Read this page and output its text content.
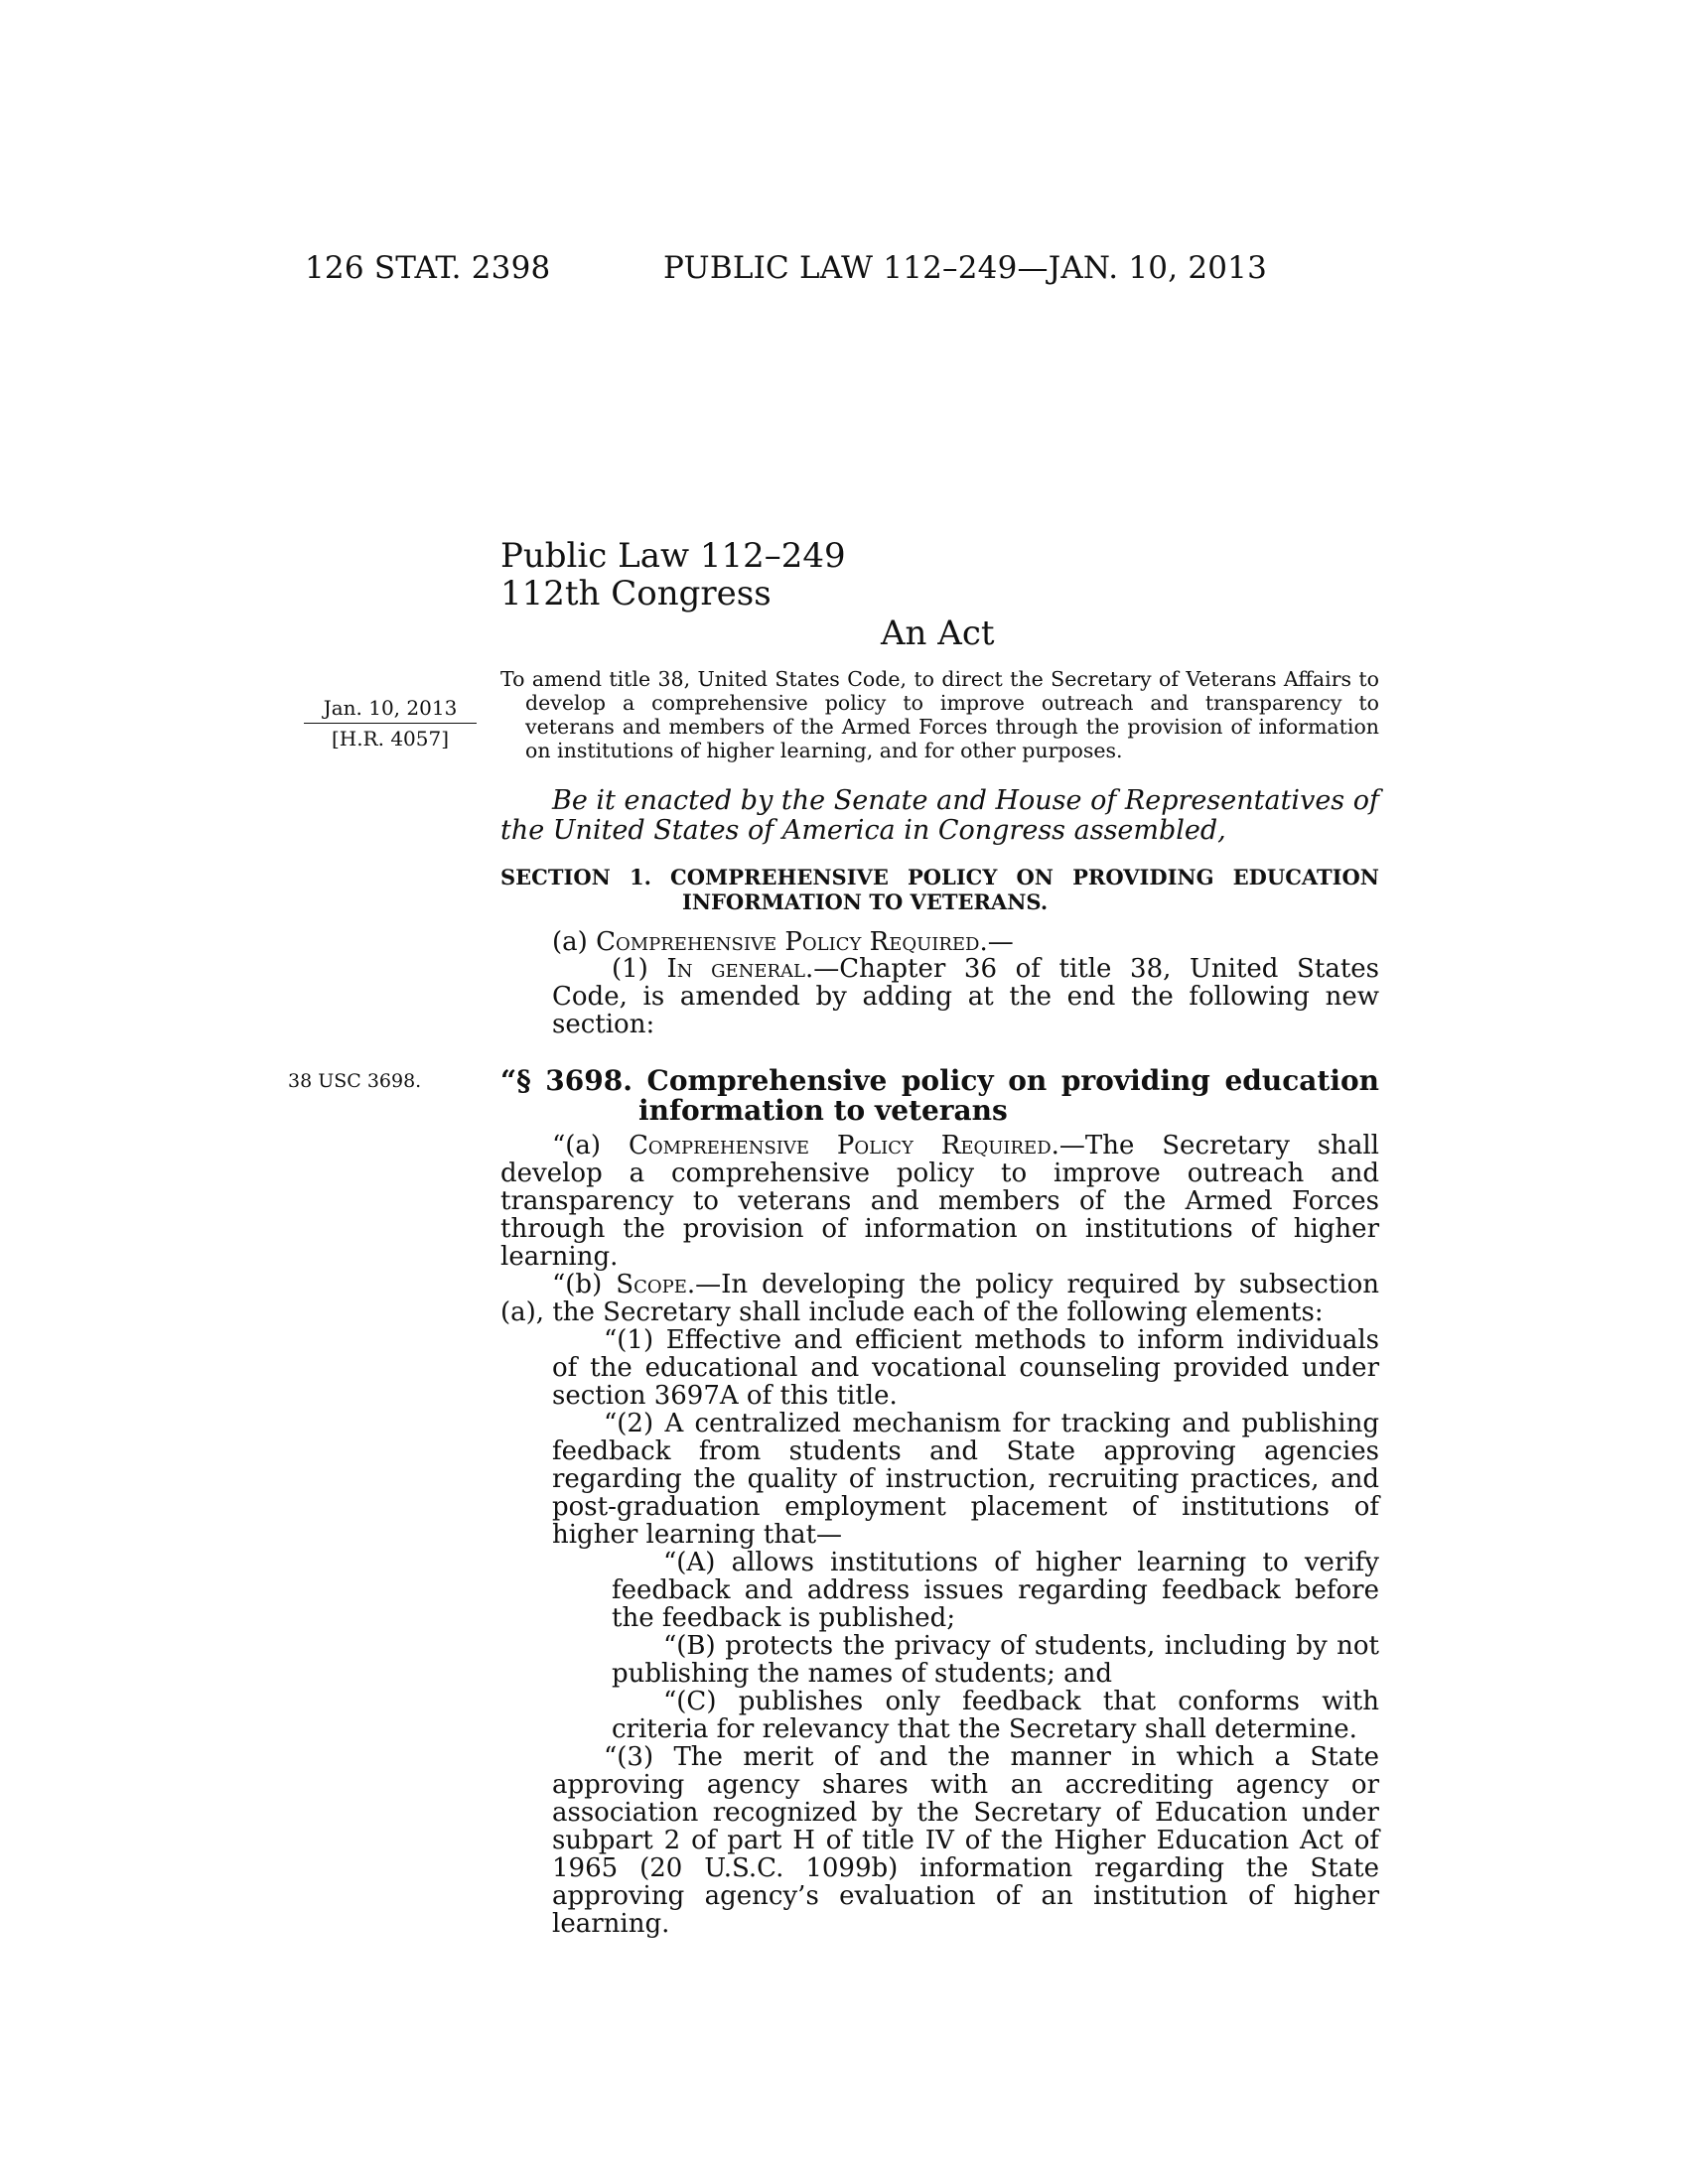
126 STAT. 2398	PUBLIC LAW 112–249—JAN. 10, 2013
Public Law 112–249
112th Congress
An Act
Jan. 10, 2013
[H.R. 4057]

To amend title 38, United States Code, to direct the Secretary of Veterans Affairs to develop a comprehensive policy to improve outreach and transparency to veterans and members of the Armed Forces through the provision of information on institutions of higher learning, and for other purposes.

Be it enacted by the Senate and House of Representatives of the United States of America in Congress assembled,

SECTION 1. COMPREHENSIVE POLICY ON PROVIDING EDUCATION INFORMATION TO VETERANS.

(a) Comprehensive Policy Required.—

(1) In general.—Chapter 36 of title 38, United States Code, is amended by adding at the end the following new section:

38 USC 3698.	“§ 3698. Comprehensive policy on providing education information to veterans

“(a) Comprehensive Policy Required.—The Secretary shall develop a comprehensive policy to improve outreach and transparency to veterans and members of the Armed Forces through the provision of information on institutions of higher learning.

“(b) Scope.—In developing the policy required by subsection (a), the Secretary shall include each of the following elements:

“(1) Effective and efficient methods to inform individuals of the educational and vocational counseling provided under section 3697A of this title.

“(2) A centralized mechanism for tracking and publishing feedback from students and State approving agencies regarding the quality of instruction, recruiting practices, and post-graduation employment placement of institutions of higher learning that—

“(A) allows institutions of higher learning to verify feedback and address issues regarding feedback before the feedback is published;

“(B) protects the privacy of students, including by not publishing the names of students; and

“(C) publishes only feedback that conforms with criteria for relevancy that the Secretary shall determine.

“(3) The merit of and the manner in which a State approving agency shares with an accrediting agency or association recognized by the Secretary of Education under subpart 2 of part H of title IV of the Higher Education Act of 1965 (20 U.S.C. 1099b) information regarding the State approving agency’s evaluation of an institution of higher learning.
